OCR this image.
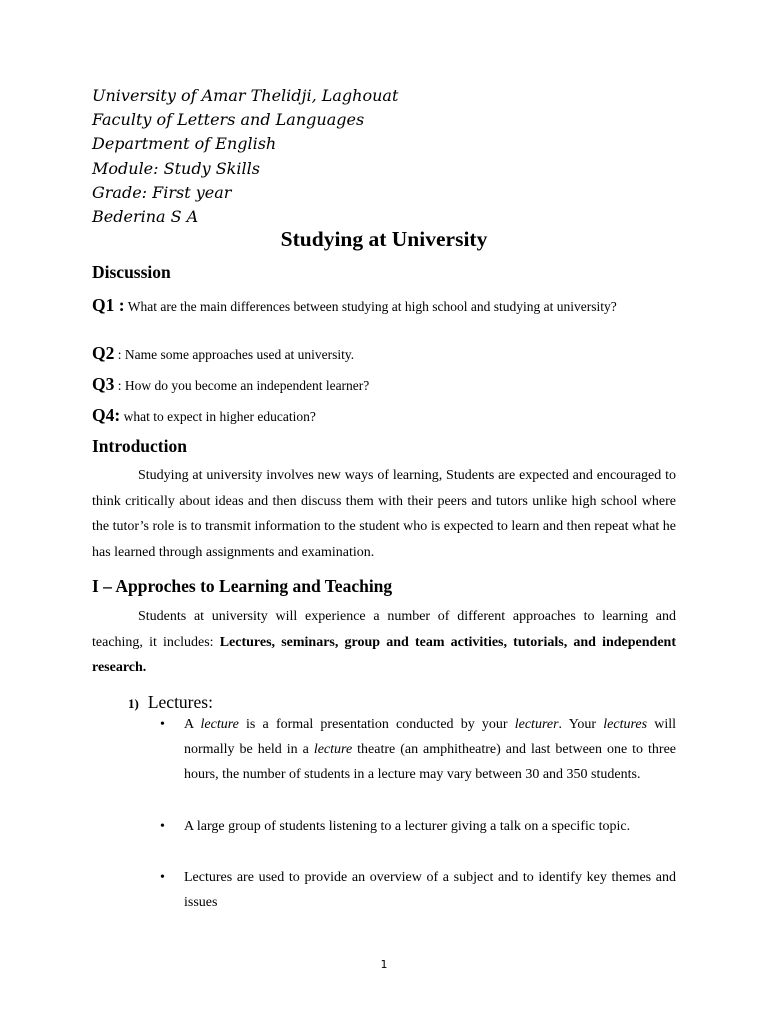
University of Amar Thelidji, Laghouat
Faculty of Letters and Languages
Department of English
Module: Study Skills
Grade: First year
Bederina S A
Studying at University
Discussion
Q1 : What are the main differences between studying at high school and studying at university?
Q2 : Name some approaches used at university.
Q3 : How do you become an independent learner?
Q4: what to expect in higher education?
Introduction
Studying at university involves new ways of learning, Students are expected and encouraged to think critically about ideas and then discuss them with their peers and tutors unlike high school where the tutor’s role is to transmit information to the student who is expected to learn and then repeat what he has learned through assignments and examination.
I – Approches to Learning and Teaching
Students at university will experience a number of different approaches to learning and teaching, it includes: Lectures, seminars, group and team activities, tutorials, and independent research.
1) Lectures:
• A lecture is a formal presentation conducted by your lecturer. Your lectures will normally be held in a lecture theatre (an amphitheatre) and last between one to three hours, the number of students in a lecture may vary between 30 and 350 students.
• A large group of students listening to a lecturer giving a talk on a specific topic.
• Lectures are used to provide an overview of a subject and to identify key themes and issues
1
